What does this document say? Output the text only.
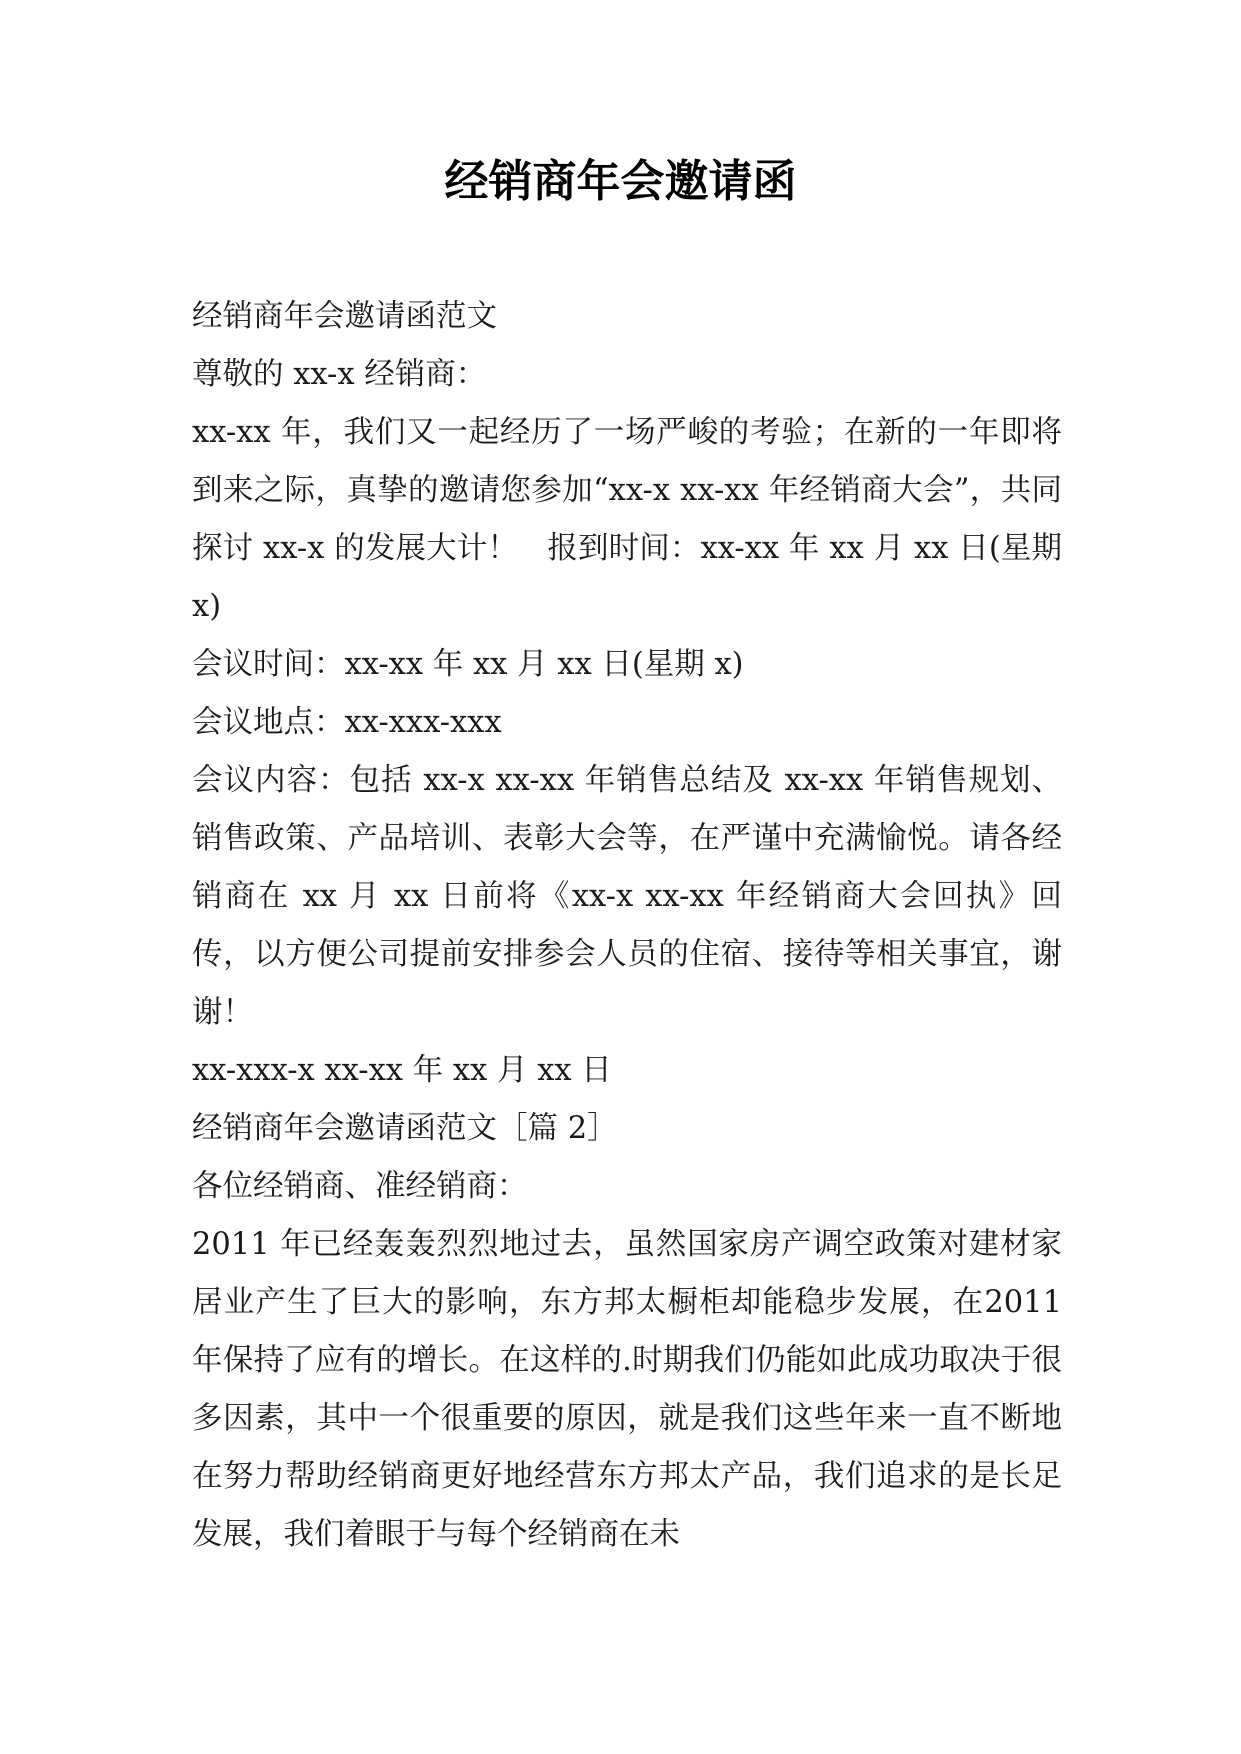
经销商年会邀请函

经销商年会邀请函范文

尊敬的 xx-x 经销商：

xx-xx 年，我们又一起经历了一场严峻的考验；在新的一年即将到来之际，真挚的邀请您参加“xx-x xx-xx 年经销商大会”，共同探讨 xx-x 的发展大计！   报到时间：xx-xx 年 xx 月 xx 日(星期 x)

会议时间：xx-xx 年 xx 月 xx 日(星期 x)

会议地点：xx-xxx-xxx

会议内容：包括 xx-x xx-xx 年销售总结及 xx-xx 年销售规划、销售政策、产品培训、表彰大会等，在严谨中充满愉悦。请各经销商在 xx 月 xx 日前将《xx-x xx-xx 年经销商大会回执》回传，以方便公司提前安排参会人员的住宿、接待等相关事宜，谢谢！

xx-xxx-x xx-xx 年 xx 月 xx 日

经销商年会邀请函范文［篇 2］

各位经销商、准经销商：

2011 年已经轰轰烈烈地过去，虽然国家房产调空政策对建材家居业产生了巨大的影响，东方邦太橱柜却能稳步发展，在2011 年保持了应有的增长。在这样的.时期我们仍能如此成功取决于很多因素，其中一个很重要的原因，就是我们这些年来一直不断地在努力帮助经销商更好地经营东方邦太产品，我们追求的是长足发展，我们着眼于与每个经销商在未
